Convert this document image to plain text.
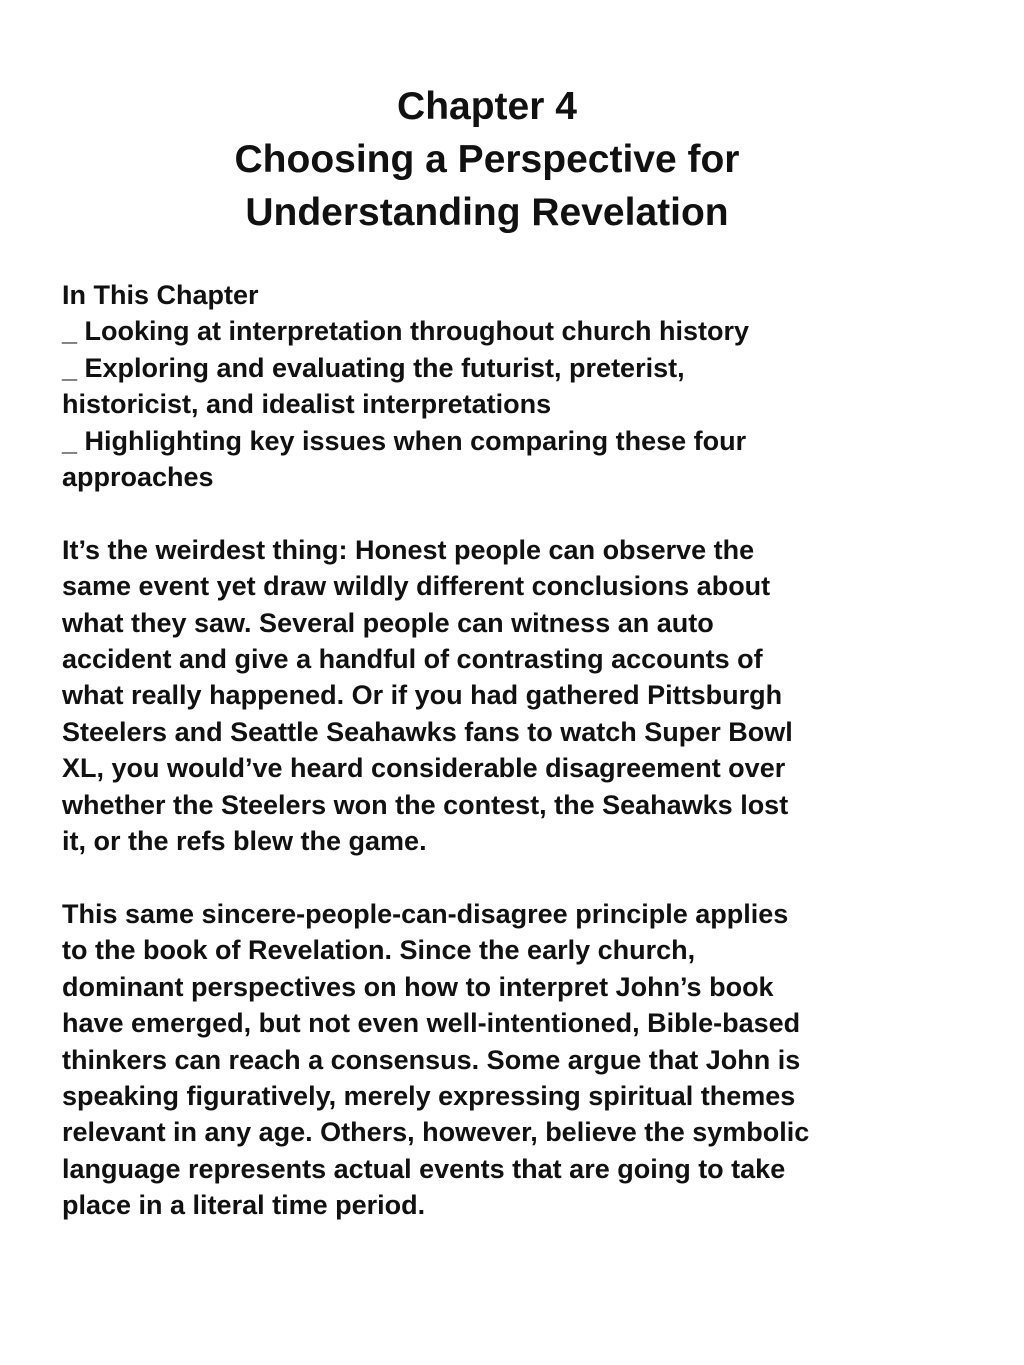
Chapter 4
Choosing a Perspective for
Understanding Revelation
In This Chapter
_ Looking at interpretation throughout church history
_ Exploring and evaluating the futurist, preterist,
historicist, and idealist interpretations
_ Highlighting key issues when comparing these four
approaches
It’s the weirdest thing: Honest people can observe the
same event yet draw wildly different conclusions about
what they saw. Several people can witness an auto
accident and give a handful of contrasting accounts of
what really happened. Or if you had gathered Pittsburgh
Steelers and Seattle Seahawks fans to watch Super Bowl
XL, you would’ve heard considerable disagreement over
whether the Steelers won the contest, the Seahawks lost
it, or the refs blew the game.
This same sincere-people-can-disagree principle applies
to the book of Revelation. Since the early church,
dominant perspectives on how to interpret John’s book
have emerged, but not even well-intentioned, Bible-based
thinkers can reach a consensus. Some argue that John is
speaking figuratively, merely expressing spiritual themes
relevant in any age. Others, however, believe the symbolic
language represents actual events that are going to take
place in a literal time period.
